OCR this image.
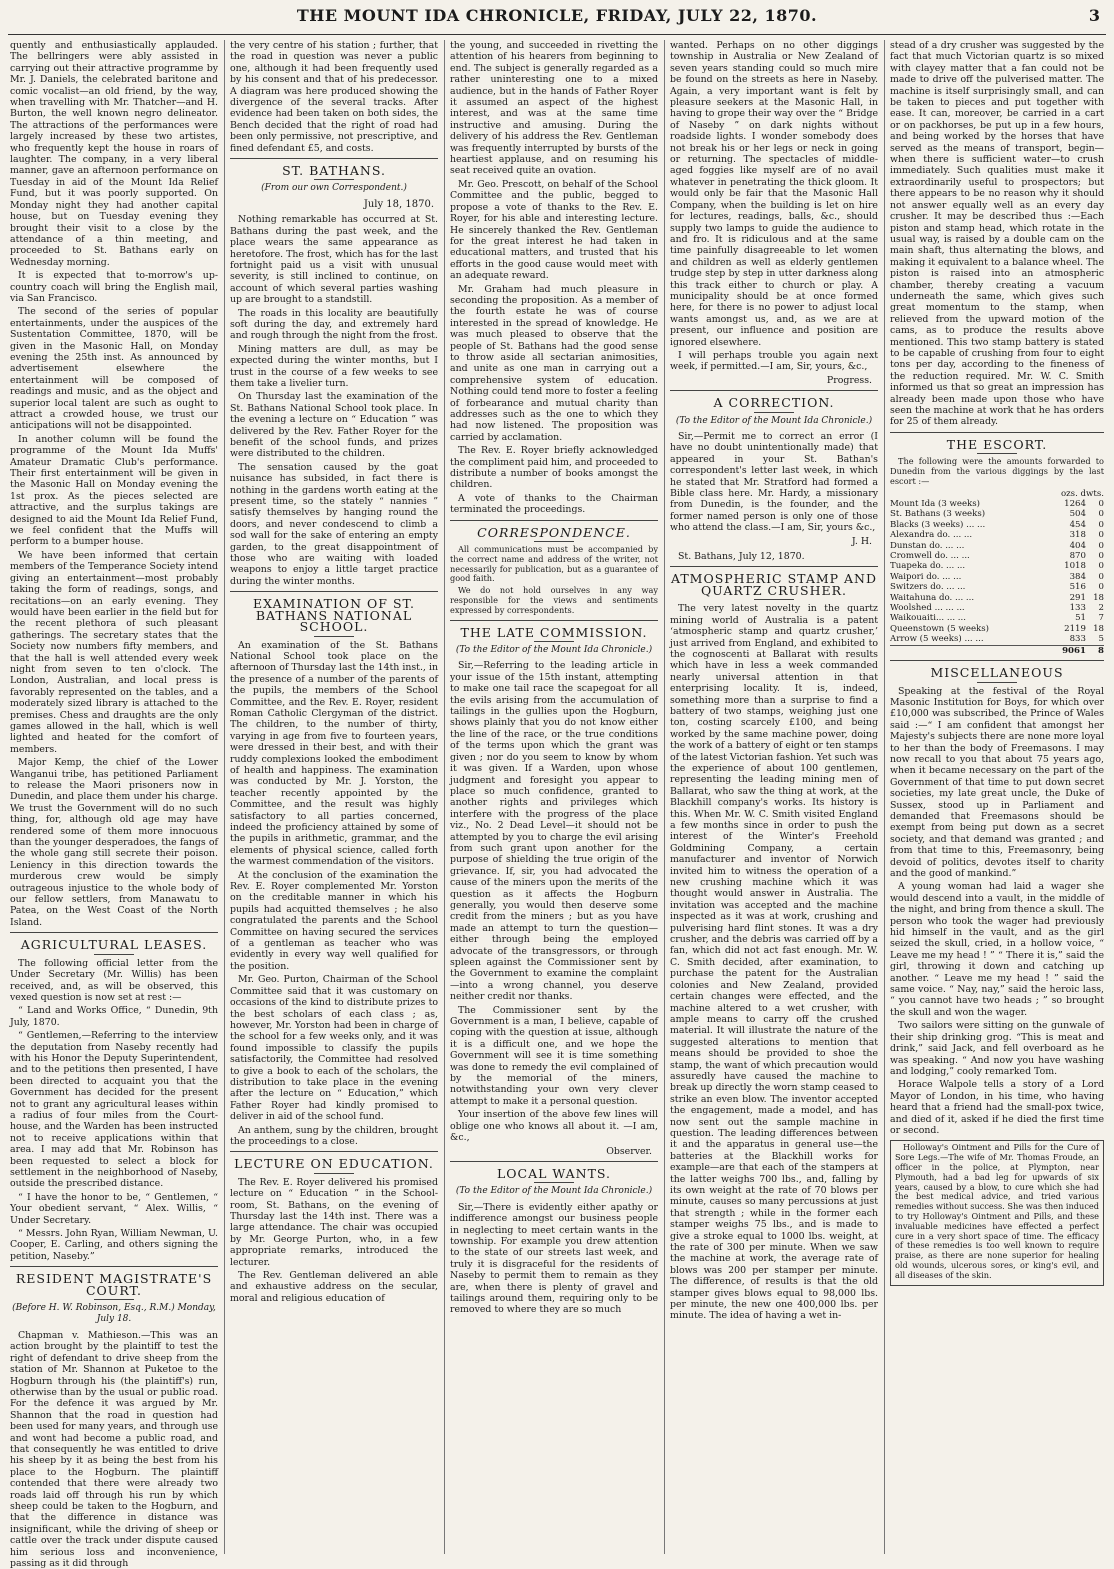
THE MOUNT IDA CHRONICLE, FRIDAY, JULY 22, 1870.	3

quently and enthusiastically applauded. The bellringers were ably assisted in carrying out their attractive programme by Mr. J. Daniels, the celebrated baritone and comic vocalist—an old friend, by the way, when travelling with Mr. Thatcher—and H. Burton, the well known negro delineator. The attractions of the performances were largely increased by these two artistes, who frequently kept the house in roars of laughter. The company, in a very liberal manner, gave an afternoon performance on Tuesday in aid of the Mount Ida Relief Fund, but it was poorly supported. On Monday night they had another capital house, but on Tuesday evening they brought their visit to a close by the attendance of a thin meeting, and proceeded to St. Bathans early on Wednesday morning.

It is expected that to-morrow's up-country coach will bring the English mail, via San Francisco.

The second of the series of popular entertainments, under the auspices of the Sustentation Committee, 1870, will be given in the Masonic Hall, on Monday evening the 25th inst. As announced by advertisement elsewhere the entertainment will be composed of readings and music, and as the object and superior local talent are such as ought to attract a crowded house, we trust our anticipations will not be disappointed.

In another column will be found the programme of the Mount Ida Muffs' Amateur Dramatic Club's performance. Their first entertainment will be given in the Masonic Hall on Monday evening the 1st prox. As the pieces selected are attractive, and the surplus takings are designed to aid the Mount Ida Relief Fund, we feel confident that the Muffs will perform to a bumper house.

We have been informed that certain members of the Temperance Society intend giving an entertainment—most probably taking the form of readings, songs, and recitations—on an early evening. They would have been earlier in the field but for the recent plethora of such pleasant gatherings. The secretary states that the Society now numbers fifty members, and that the hall is well attended every week night from seven to ten o'clock. The London, Australian, and local press is favorably represented on the tables, and a moderately sized library is attached to the premises. Chess and draughts are the only games allowed in the hall, which is well lighted and heated for the comfort of members.

Major Kemp, the chief of the Lower Wanganui tribe, has petitioned Parliament to release the Maori prisoners now in Dunedin, and place them under his charge. We trust the Government will do no such thing, for, although old age may have rendered some of them more innocuous than the younger desperadoes, the fangs of the whole gang still secrete their poison. Leniency in this direction towards the murderous crew would be simply outrageous injustice to the whole body of our fellow settlers, from Manawatu to Patea, on the West Coast of the North Island.

AGRICULTURAL LEASES.

The following official letter from the Under Secretary (Mr. Willis) has been received, and, as will be observed, this vexed question is now set at rest :—

“ Land and Works Office, “ Dunedin, 9th July, 1870.

“ Gentlemen,—Referring to the interview the deputation from Naseby recently had with his Honor the Deputy Superintendent, and to the petitions then presented, I have been directed to acquaint you that the Government has decided for the present not to grant any agricultural leases within a radius of four miles from the Court-house, and the Warden has been instructed not to receive applications within that area. I may add that Mr. Robinson has been requested to select a block for settlement in the neighborhood of Naseby, outside the prescribed distance.

“ I have the honor to be, “ Gentlemen, “ Your obedient servant, “ Alex. Willis, “ Under Secretary.

“ Messrs. John Ryan, William Newman, U. Cooper, E. Carling, and others signing the petition, Naseby.”

RESIDENT MAGISTRATE'S COURT.
(Before H. W. Robinson, Esq., R.M.) Monday, July 18.

Chapman v. Mathieson.—This was an action brought by the plaintiff to test the right of defendant to drive sheep from the station of Mr. Shannon at Puketoe to the Hogburn through his (the plaintiff's) run, otherwise than by the usual or public road. For the defence it was argued by Mr. Shannon that the road in question had been used for many years, and through use and wont had become a public road, and that consequently he was entitled to drive his sheep by it as being the best from his place to the Hogburn. The plaintiff contended that there were already two roads laid off through his run by which sheep could be taken to the Hogburn, and that the difference in distance was insignificant, while the driving of sheep or cattle over the track under dispute caused him serious loss and inconvenience, passing as it did through

the very centre of his station ; further, that the road in question was never a public one, although it had been frequently used by his consent and that of his predecessor. A diagram was here produced showing the divergence of the several tracks. After evidence had been taken on both sides, the Bench decided that the right of road had been only permissive, not prescriptive, and fined defendant £5, and costs.

ST. BATHANS.
(From our own Correspondent.)
July 18, 1870.

Nothing remarkable has occurred at St. Bathans during the past week, and the place wears the same appearance as heretofore. The frost, which has for the last fortnight paid us a visit with unusual severity, is still inclined to continue, on account of which several parties washing up are brought to a standstill.

The roads in this locality are beautifully soft during the day, and extremely hard and rough through the night from the frost.

Mining matters are dull, as may be expected during the winter months, but I trust in the course of a few weeks to see them take a livelier turn.

On Thursday last the examination of the St. Bathans National School took place. In the evening a lecture on “ Education ” was delivered by the Rev. Father Royer for the benefit of the school funds, and prizes were distributed to the children.

The sensation caused by the goat nuisance has subsided, in fact there is nothing in the gardens worth eating at the present time, so the stately “ nannies ” satisfy themselves by hanging round the doors, and never condescend to climb a sod wall for the sake of entering an empty garden, to the great disappointment of those who are waiting with loaded weapons to enjoy a little target practice during the winter months.

EXAMINATION OF ST. BATHANS NATIONAL SCHOOL.

An examination of the St. Bathans National School took place on the afternoon of Thursday last the 14th inst., in the presence of a number of the parents of the pupils, the members of the School Committee, and the Rev. E. Royer, resident Roman Catholic Clergyman of the district. The children, to the number of thirty, varying in age from five to fourteen years, were dressed in their best, and with their ruddy complexions looked the embodiment of health and happiness. The examination was conducted by Mr. J. Yorston, the teacher recently appointed by the Committee, and the result was highly satisfactory to all parties concerned, indeed the proficiency attained by some of the pupils in arithmetic, grammar, and the elements of physical science, called forth the warmest commendation of the visitors.

At the conclusion of the examination the Rev. E. Royer complemented Mr. Yorston on the creditable manner in which his pupils had acquitted themselves ; he also congratulated the parents and the School Committee on having secured the services of a gentleman as teacher who was evidently in every way well qualified for the position.

Mr. Geo. Purton, Chairman of the School Committee said that it was customary on occasions of the kind to distribute prizes to the best scholars of each class ; as, however, Mr. Yorston had been in charge of the school for a few weeks only, and it was found impossible to classify the pupils satisfactorily, the Committee had resolved to give a book to each of the scholars, the distribution to take place in the evening after the lecture on “ Education,” which Father Royer had kindly promised to deliver in aid of the school fund.

An anthem, sung by the children, brought the proceedings to a close.

LECTURE ON EDUCATION.

The Rev. E. Royer delivered his promised lecture on “ Education ” in the School-room, St. Bathans, on the evening of Thursday last the 14th inst. There was a large attendance. The chair was occupied by Mr. George Purton, who, in a few appropriate remarks, introduced the lecturer.

The Rev. Gentleman delivered an able and exhaustive address on the secular, moral and religious education of

the young, and succeeded in rivetting the attention of his hearers from beginning to end. The subject is generally regarded as a rather uninteresting one to a mixed audience, but in the hands of Father Royer it assumed an aspect of the highest interest, and was at the same time instructive and amusing. During the delivery of his address the Rev. Gentleman was frequently interrupted by bursts of the heartiest applause, and on resuming his seat received quite an ovation.

Mr. Geo. Prescott, on behalf of the School Committee and the public, begged to propose a vote of thanks to the Rev. E. Royer, for his able and interesting lecture. He sincerely thanked the Rev. Gentleman for the great interest he had taken in educational matters, and trusted that his efforts in the good cause would meet with an adequate reward.

Mr. Graham had much pleasure in seconding the proposition. As a member of the fourth estate he was of course interested in the spread of knowledge. He was much pleased to observe that the people of St. Bathans had the good sense to throw aside all sectarian animosities, and unite as one man in carrying out a comprehensive system of education. Nothing could tend more to foster a feeling of forbearance and mutual charity than addresses such as the one to which they had now listened. The proposition was carried by acclamation.

The Rev. E. Royer briefly acknowledged the compliment paid him, and proceeded to distribute a number of books amongst the children.

A vote of thanks to the Chairman terminated the proceedings.

CORRESPONDENCE.

All communications must be accompanied by the correct name and address of the writer, not necessarily for publication, but as a guarantee of good faith.

We do not hold ourselves in any way responsible for the views and sentiments expressed by correspondents.

THE LATE COMMISSION.
(To the Editor of the Mount Ida Chronicle.)

Sir,—Referring to the leading article in your issue of the 15th instant, attempting to make one tail race the scapegoat for all the evils arising from the accumulation of tailings in the gullies upon the Hogburn, shows plainly that you do not know either the line of the race, or the true conditions of the terms upon which the grant was given ; nor do you seem to know by whom it was given. If a Warden, upon whose judgment and foresight you appear to place so much confidence, granted to another rights and privileges which interfere with the progress of the place viz., No. 2 Dead Level—it should not be attempted by you to charge the evil arising from such grant upon another for the purpose of shielding the true origin of the grievance. If, sir, you had advocated the cause of the miners upon the merits of the question as it affects the Hogburn generally, you would then deserve some credit from the miners ; but as you have made an attempt to turn the question—either through being the employed advocate of the transgressors, or through spleen against the Commissioner sent by the Government to examine the complaint—into a wrong channel, you deserve neither credit nor thanks.

The Commissioner sent by the Government is a man, I believe, capable of coping with the question at issue, although it is a difficult one, and we hope the Government will see it is time something was done to remedy the evil complained of by the memorial of the miners, notwithstanding your own very clever attempt to make it a personal question.

Your insertion of the above few lines will oblige one who knows all about it. —I am, &c.,

Observer.
LOCAL WANTS.
(To the Editor of the Mount Ida Chronicle.)

Sir,—There is evidently either apathy or indifference amongst our business people in neglecting to meet certain wants in the township. For example you drew attention to the state of our streets last week, and truly it is disgraceful for the residents of Naseby to permit them to remain as they are, when there is plenty of gravel and tailings around them, requiring only to be removed to where they are so much

wanted. Perhaps on no other diggings township in Australia or New Zealand of seven years standing could so much mire be found on the streets as here in Naseby. Again, a very important want is felt by pleasure seekers at the Masonic Hall, in having to grope their way over the “ Bridge of Naseby ” on dark nights without roadside lights. I wonder somebody does not break his or her legs or neck in going or returning. The spectacles of middle-aged foggies like myself are of no avail whatever in penetrating the thick gloom. It would only be fair that the Masonic Hall Company, when the building is let on hire for lectures, readings, balls, &c., should supply two lamps to guide the audience to and fro. It is ridiculous and at the same time painfully disagreeable to let women and children as well as elderly gentlemen trudge step by step in utter darkness along this track either to church or play. A municipality should be at once formed here, for there is no power to adjust local wants amongst us, and, as we are at present, our influence and position are ignored elsewhere.

I will perhaps trouble you again next week, if permitted.—I am, Sir, yours, &c.,

Progress.
A CORRECTION.
(To the Editor of the Mount Ida Chronicle.)

Sir,—Permit me to correct an error (I have no doubt unintentionally made) that appeared in your St. Bathan's correspondent's letter last week, in which he stated that Mr. Stratford had formed a Bible class here. Mr. Hardy, a missionary from Dunedin, is the founder, and the former named person is only one of those who attend the class.—I am, Sir, yours &c.,

J. H.

St. Bathans, July 12, 1870.

ATMOSPHERIC STAMP AND QUARTZ CRUSHER.

The very latest novelty in the quartz mining world of Australia is a patent ‘atmospheric stamp and quartz crusher,’ just arrived from England, and exhibited to the cognoscenti at Ballarat with results which have in less a week commanded nearly universal attention in that enterprising locality. It is, indeed, something more than a surprise to find a battery of two stamps, weighing just one ton, costing scarcely £100, and being worked by the same machine power, doing the work of a battery of eight or ten stamps of the latest Victorian fashion. Yet such was the experience of about 100 gentlemen, representing the leading mining men of Ballarat, who saw the thing at work, at the Blackhill company's works. Its history is this. When Mr. W. C. Smith visited England a few months since in order to push the interest of the Winter's Freehold Goldmining Company, a certain manufacturer and inventor of Norwich invited him to witness the operation of a new crushing machine which it was thought would answer in Australia. The invitation was accepted and the machine inspected as it was at work, crushing and pulverising hard flint stones. It was a dry crusher, and the debris was carried off by a fan, which did not act fast enough. Mr. W. C. Smith decided, after examination, to purchase the patent for the Australian colonies and New Zealand, provided certain changes were effected, and the machine altered to a wet crusher, with ample means to carry off the crushed material. It will illustrate the nature of the suggested alterations to mention that means should be provided to shoe the stamp, the want of which precaution would assuredly have caused the machine to break up directly the worn stamp ceased to strike an even blow. The inventor accepted the engagement, made a model, and has now sent out the sample machine in question. The leading differences between it and the apparatus in general use—the batteries at the Blackhill works for example—are that each of the stampers at the latter weighs 700 lbs., and, falling by its own weight at the rate of 70 blows per minute, causes so many percussions at just that strength ; while in the former each stamper weighs 75 lbs., and is made to give a stroke equal to 1000 lbs. weight, at the rate of 300 per minute. When we saw the machine at work, the average rate of blows was 200 per stamper per minute. The difference, of results is that the old stamper gives blows equal to 98,000 lbs. per minute, the new one 400,000 lbs. per minute. The idea of having a wet in-

stead of a dry crusher was suggested by the fact that much Victorian quartz is so mixed with clayey matter that a fan could not be made to drive off the pulverised matter. The machine is itself surprisingly small, and can be taken to pieces and put together with ease. It can, moreover, be carried in a cart or on packhorses, be put up in a few hours, and being worked by the horses that have served as the means of transport, begin—when there is sufficient water—to crush immediately. Such qualities must make it extraordinarily useful to prospectors; but there appears to be no reason why it should not answer equally well as an every day crusher. It may be described thus :—Each piston and stamp head, which rotate in the usual way, is raised by a double cam on the main shaft, thus alternating the blows, and making it equivalent to a balance wheel. The piston is raised into an atmospheric chamber, thereby creating a vacuum underneath the same, which gives such great momentum to the stamp, when relieved from the upward motion of the cams, as to produce the results above mentioned. This two stamp battery is stated to be capable of crushing from four to eight tons per day, according to the fineness of the reduction required. Mr. W. C. Smith informed us that so great an impression has already been made upon those who have seen the machine at work that he has orders for 25 of them already.

THE ESCORT.

The following were the amounts forwarded to Dunedin from the various diggings by the last escort :—

	ozs. dwts.	
Mount Ida (3 weeks)	1264	0
St. Bathans (3 weeks)	504	0
Blacks (3 weeks) ... ...	454	0
Alexandra do. ... ...	318	0
Dunstan do. ... ...	404	0
Cromwell do. ... ...	870	0
Tuapeka do. ... ...	1018	0
Waipori do. ... ...	384	0
Switzers do. ... ...	516	0
Waitahuna do. ... ...	291	18
Woolshed ... ... ...	133	2
Waikouaiti... ... ...	51	7
Queenstown (5 weeks)	2119	18
Arrow (5 weeks) ... ...	833	5
	9061	8
MISCELLANEOUS

Speaking at the festival of the Royal Masonic Institution for Boys, for which over £10,000 was subscribed, the Prince of Wales said :—“ I am confident that amongst her Majesty's subjects there are none more loyal to her than the body of Freemasons. I may now recall to you that about 75 years ago, when it became necessary on the part of the Government of that time to put down secret societies, my late great uncle, the Duke of Sussex, stood up in Parliament and demanded that Freemasons should be exempt from being put down as a secret society, and that demand was granted ; and from that time to this, Freemasonry, being devoid of politics, devotes itself to charity and the good of mankind.”

A young woman had laid a wager she would descend into a vault, in the middle of the night, and bring from thence a skull. The person who took the wager had previously hid himself in the vault, and as the girl seized the skull, cried, in a hollow voice, “ Leave me my head ! ” “ There it is,” said the girl, throwing it down and catching up another. “ Leave me my head ! ” said the same voice. “ Nay, nay,” said the heroic lass, “ you cannot have two heads ; ” so brought the skull and won the wager.

Two sailors were sitting on the gunwale of their ship drinking grog. “This is meat and drink,” said Jack, and fell overboard as he was speaking. “ And now you have washing and lodging,” cooly remarked Tom.

Horace Walpole tells a story of a Lord Mayor of London, in his time, who having heard that a friend had the small-pox twice, and died of it, asked if he died the first time or second.

Holloway's Ointment and Pills for the Cure of Sore Legs.—The wife of Mr. Thomas Froude, an officer in the police, at Plympton, near Plymouth, had a bad leg for upwards of six years, caused by a blow, to cure which she had the best medical advice, and tried various remedies without success. She was then induced to try Holloway's Ointment and Pills, and these invaluable medicines have effected a perfect cure in a very short space of time. The efficacy of these remedies is too well known to require praise, as there are none superior for healing old wounds, ulcerous sores, or king's evil, and all diseases of the skin.
